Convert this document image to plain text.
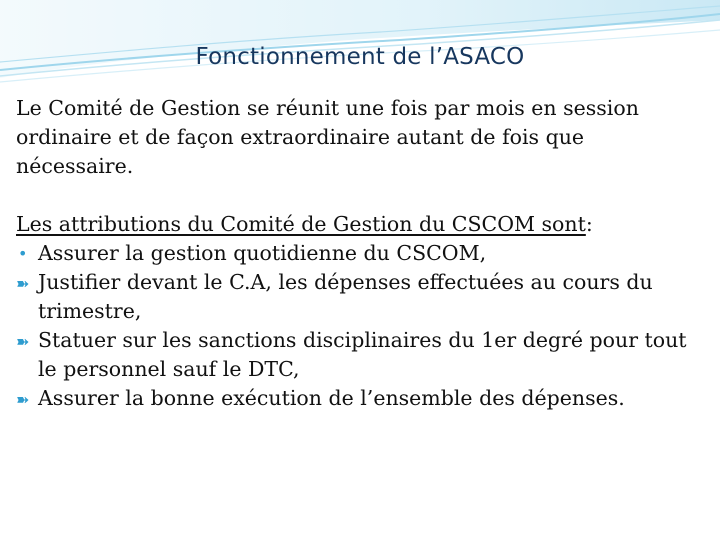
Fonctionnement de l’ASACO

Le Comité de Gestion se réunit une fois par mois en session ordinaire et de façon extraordinaire autant de fois que nécessaire.

Les attributions du Comité de Gestion du CSCOM sont:

• Assurer la gestion quotidienne du CSCOM,

➽ Justifier devant le C.A, les dépenses effectuées au cours du trimestre,

➽ Statuer sur les sanctions disciplinaires du 1er degré pour tout le personnel sauf le DTC,

➽ Assurer la bonne exécution de l’ensemble des dépenses.
